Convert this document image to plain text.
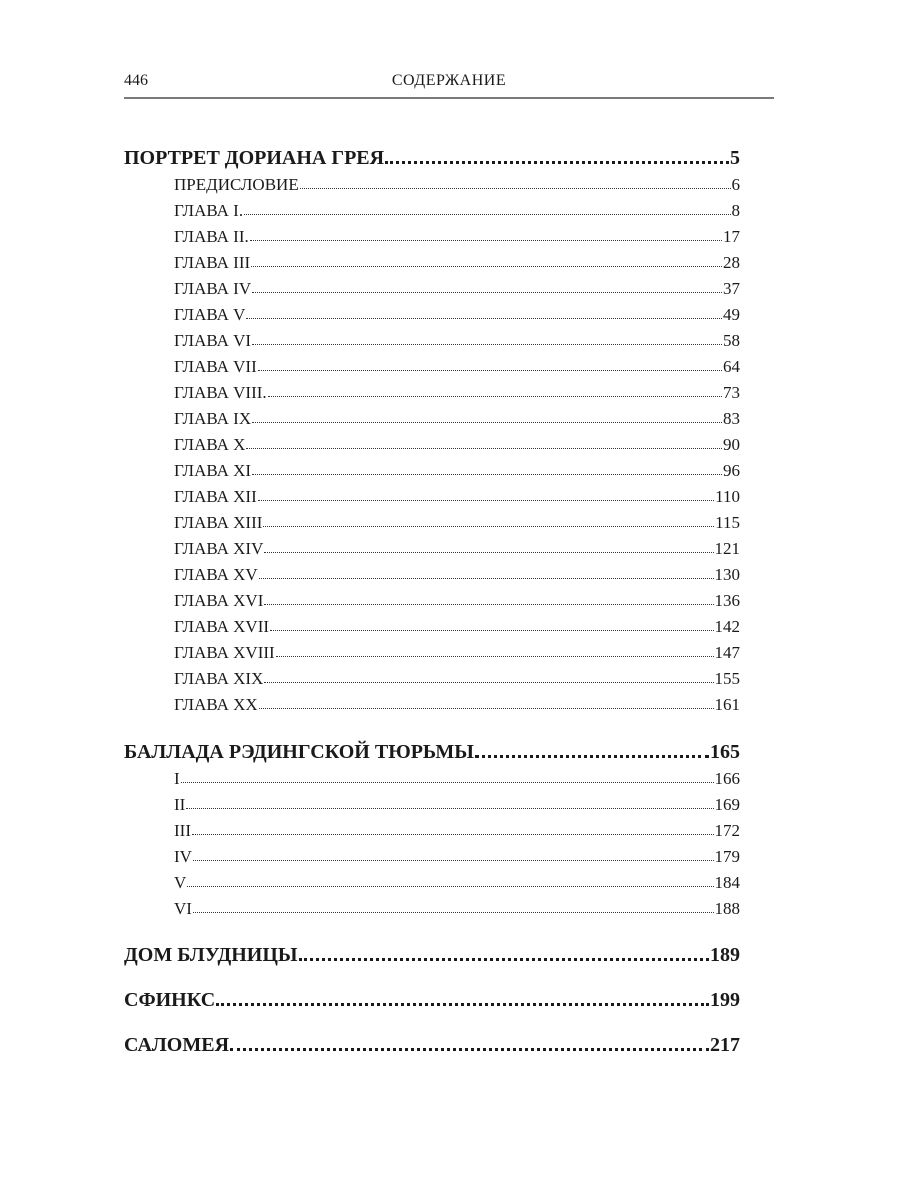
446	СОДЕРЖАНИЕ
ПОРТРЕТ ДОРИАНА ГРЕЯ	5
ПРЕДИСЛОВИЕ	6
ГЛАВА I.	8
ГЛАВА II.	17
ГЛАВА III	28
ГЛАВА IV	37
ГЛАВА V	49
ГЛАВА VI	58
ГЛАВА VII	64
ГЛАВА VIII.	73
ГЛАВА IX	83
ГЛАВА X	90
ГЛАВА XI	96
ГЛАВА XII	110
ГЛАВА XIII	115
ГЛАВА XIV	121
ГЛАВА XV	130
ГЛАВА XVI	136
ГЛАВА XVII	142
ГЛАВА XVIII	147
ГЛАВА XIX	155
ГЛАВА XX	161
БАЛЛАДА РЭДИНГСКОЙ ТЮРЬМЫ	165
I	166
II	169
III	172
IV	179
V	184
VI	188
ДОМ БЛУДНИЦЫ	189
СФИНКС	199
САЛОМЕЯ	217
